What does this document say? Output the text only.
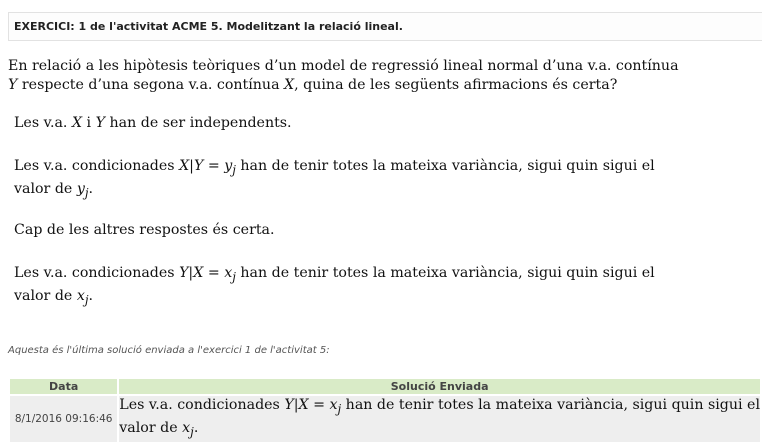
EXERCICI: 1 de l'activitat ACME 5. Modelitzant la relació lineal.
En relació a les hipòtesis teòriques d’un model de regressió lineal normal d’una v.a. contínua
Y respecte d’una segona v.a. contínua X, quina de les següents afirmacions és certa?
Les v.a. X i Y han de ser independents.
Les v.a. condicionades $X|Y = y_j$ han de tenir totes la mateixa variància, sigui quin sigui el
valor de $y_j$.
Cap de les altres respostes és certa.
Les v.a. condicionades $Y|X = x_j$ han de tenir totes la mateixa variància, sigui quin sigui el
valor de $x_j$.
Aquesta és l'última solució enviada a l'exercici 1 de l'activitat 5:
Data	Solució Enviada
8/1/2016 09:16:46	Les v.a. condicionades $Y|X = x_j$ han de tenir totes la mateixa variància, sigui quin sigui el
valor de $x_j$.
